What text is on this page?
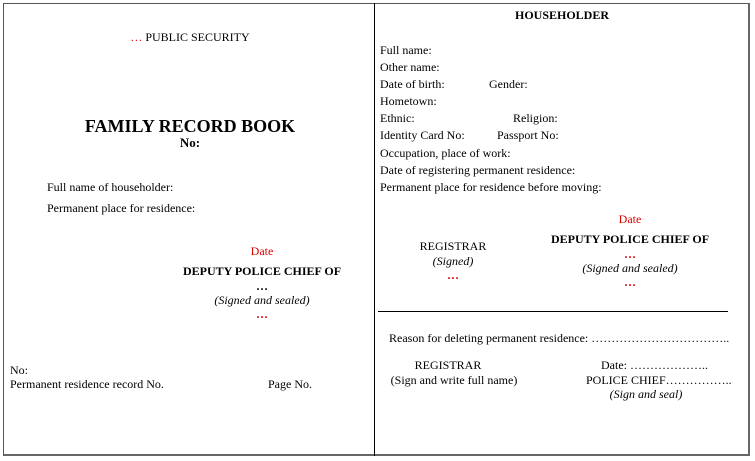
… PUBLIC SECURITY
FAMILY RECORD BOOK
No:
Full name of householder:
Permanent place for residence:
Date
DEPUTY POLICE CHIEF OF
…
(Signed and sealed)
…
No:
Permanent residence record No.	Page No.
HOUSEHOLDER
Full name:
Other name:
Date of birth:	Gender:
Hometown:
Ethnic:	Religion:
Identity Card No:	Passport No:
Occupation, place of work:
Date of registering permanent residence:
Permanent place for residence before moving:
Date
REGISTRAR
(Signed)
…
DEPUTY POLICE CHIEF OF
…
(Signed and sealed)
…
Reason for deleting permanent residence: ……………………………..
REGISTRAR
(Sign and write full name)
Date: ………………..
POLICE CHIEF……………..
(Sign and seal)
